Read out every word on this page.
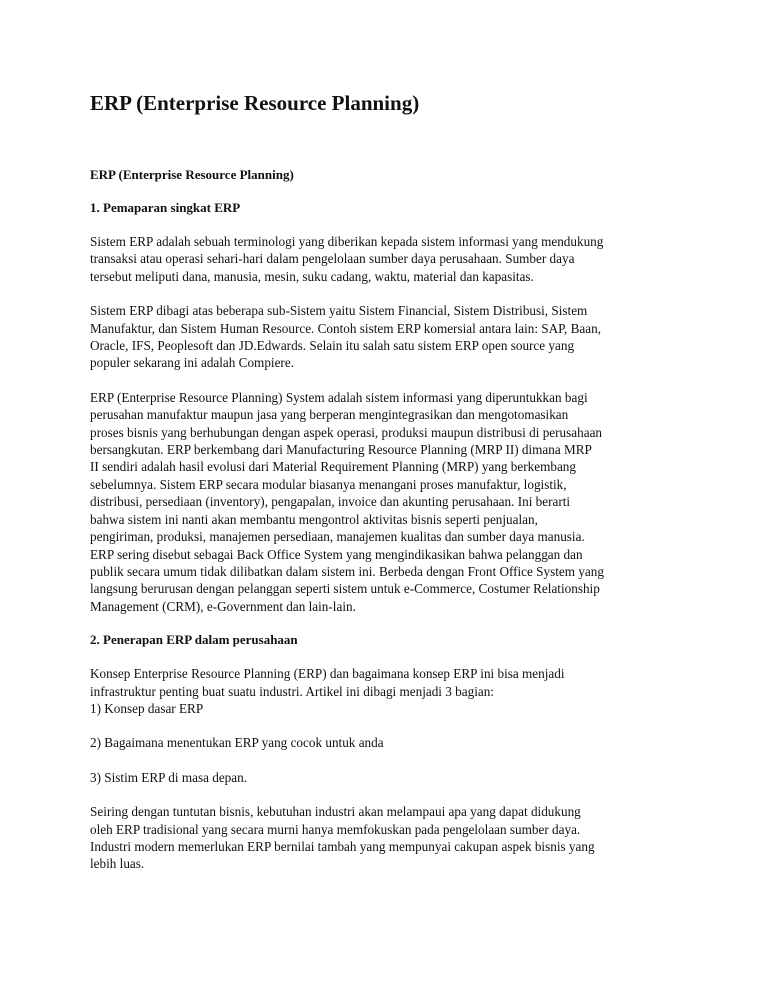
ERP (Enterprise Resource Planning)

ERP (Enterprise Resource Planning)

1. Pemaparan singkat ERP

Sistem ERP adalah sebuah terminologi yang diberikan kepada sistem informasi yang mendukung
transaksi atau operasi sehari-hari dalam pengelolaan sumber daya perusahaan. Sumber daya
tersebut meliputi dana, manusia, mesin, suku cadang, waktu, material dan kapasitas.

Sistem ERP dibagi atas beberapa sub-Sistem yaitu Sistem Financial, Sistem Distribusi, Sistem
Manufaktur, dan Sistem Human Resource. Contoh sistem ERP komersial antara lain: SAP, Baan,
Oracle, IFS, Peoplesoft dan JD.Edwards. Selain itu salah satu sistem ERP open source yang
populer sekarang ini adalah Compiere.

ERP (Enterprise Resource Planning) System adalah sistem informasi yang diperuntukkan bagi
perusahan manufaktur maupun jasa yang berperan mengintegrasikan dan mengotomasikan
proses bisnis yang berhubungan dengan aspek operasi, produksi maupun distribusi di perusahaan
bersangkutan. ERP berkembang dari Manufacturing Resource Planning (MRP II) dimana MRP
II sendiri adalah hasil evolusi dari Material Requirement Planning (MRP) yang berkembang
sebelumnya. Sistem ERP secara modular biasanya menangani proses manufaktur, logistik,
distribusi, persediaan (inventory), pengapalan, invoice dan akunting perusahaan. Ini berarti
bahwa sistem ini nanti akan membantu mengontrol aktivitas bisnis seperti penjualan,
pengiriman, produksi, manajemen persediaan, manajemen kualitas dan sumber daya manusia.
ERP sering disebut sebagai Back Office System yang mengindikasikan bahwa pelanggan dan
publik secara umum tidak dilibatkan dalam sistem ini. Berbeda dengan Front Office System yang
langsung berurusan dengan pelanggan seperti sistem untuk e-Commerce, Costumer Relationship
Management (CRM), e-Government dan lain-lain.

2. Penerapan ERP dalam perusahaan

Konsep Enterprise Resource Planning (ERP) dan bagaimana konsep ERP ini bisa menjadi
infrastruktur penting buat suatu industri. Artikel ini dibagi menjadi 3 bagian:

1) Konsep dasar ERP

2) Bagaimana menentukan ERP yang cocok untuk anda

3) Sistim ERP di masa depan.

Seiring dengan tuntutan bisnis, kebutuhan industri akan melampaui apa yang dapat didukung
oleh ERP tradisional yang secara murni hanya memfokuskan pada pengelolaan sumber daya.
Industri modern memerlukan ERP bernilai tambah yang mempunyai cakupan aspek bisnis yang
lebih luas.
